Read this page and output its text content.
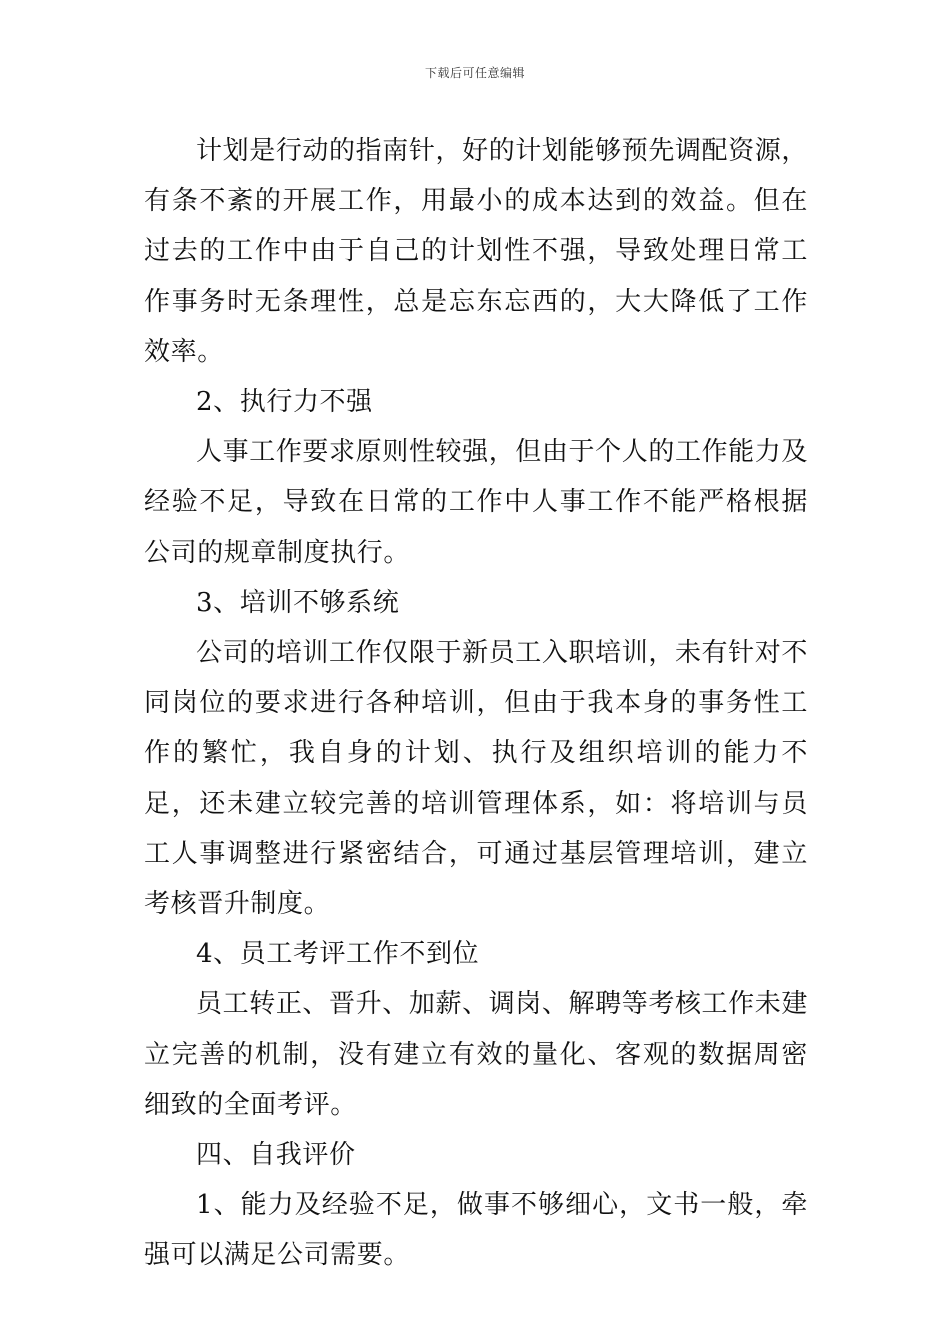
下载后可任意编辑

计划是行动的指南针，好的计划能够预先调配资源，有条不紊的开展工作，用最小的成本达到的效益。但在过去的工作中由于自己的计划性不强，导致处理日常工作事务时无条理性，总是忘东忘西的，大大降低了工作效率。

2、执行力不强

人事工作要求原则性较强，但由于个人的工作能力及经验不足，导致在日常的工作中人事工作不能严格根据公司的规章制度执行。

3、培训不够系统

公司的培训工作仅限于新员工入职培训，未有针对不同岗位的要求进行各种培训，但由于我本身的事务性工作的繁忙，我自身的计划、执行及组织培训的能力不足，还未建立较完善的培训管理体系，如：将培训与员工人事调整进行紧密结合，可通过基层管理培训，建立考核晋升制度。

4、员工考评工作不到位

员工转正、晋升、加薪、调岗、解聘等考核工作未建立完善的机制，没有建立有效的量化、客观的数据周密细致的全面考评。

四、自我评价

1、能力及经验不足，做事不够细心，文书一般，牵强可以满足公司需要。
